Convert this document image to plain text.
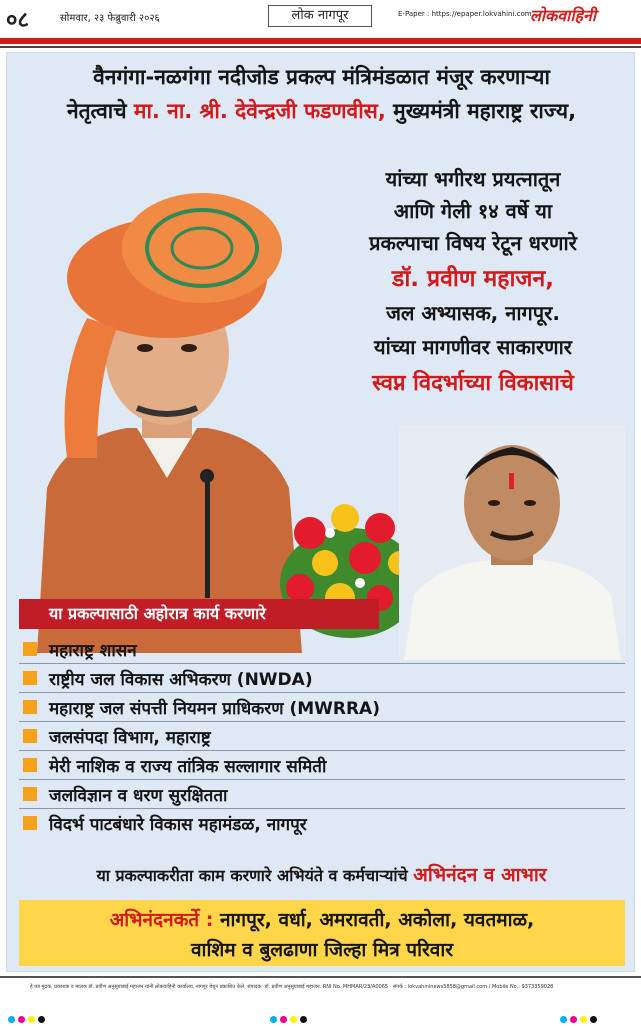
०८	सोमवार, २३ फेब्रुवारी २०२६	लोक नागपूर	E-Paper : https://epaper.lokvahini.com
लोकवाहिनी
वैनगंगा-नळगंगा नदीजोड प्रकल्प मंत्रिमंडळात मंजूर करणाऱ्या
नेतृत्वाचे मा. ना. श्री. देवेन्द्रजी फडणवीस, मुख्यमंत्री महाराष्ट्र राज्य,
यांच्या भगीरथ प्रयत्नातून
आणि गेली १४ वर्षे या
प्रकल्पाचा विषय रेटून धरणारे
डॉ. प्रवीण महाजन,
जल अभ्यासक, नागपूर.
यांच्या मागणीवर साकारणार
स्वप्न विदर्भाच्या विकासाचे
या प्रकल्पासाठी अहोरात्र कार्य करणारे
महाराष्ट्र शासन
राष्ट्रीय जल विकास अभिकरण (NWDA)
महाराष्ट्र जल संपत्ती नियमन प्राधिकरण (MWRRA)
जलसंपदा विभाग, महाराष्ट्र
मेरी नाशिक व राज्य तांत्रिक सल्लागार समिती
जलविज्ञान व धरण सुरक्षितता
विदर्भ पाटबंधारे विकास महामंडळ, नागपूर
या प्रकल्पाकरीता काम करणारे अभियंते व कर्मचाऱ्यांचे अभिनंदन व आभार
अभिनंदनकर्ते : नागपूर, वर्धा, अमरावती, अकोला, यवतमाळ,
वाशिम व बुलढाणा जिल्हा मित्र परिवार
हे पत्र मुद्रक, प्रकाशक व मालक डॉ. प्रवीण अनुसूयाबाई महाजन यांनी लोकवाहिनी कार्यालय, नागपूर येथून प्रकाशित केले. संपादक: डॉ. प्रवीण अनुसूयाबाई महाजन. RNI No. MHMAR/23/A0065 · संपर्क : lokvahininews5858@gmail.com / Mobile No.: 9373359028
